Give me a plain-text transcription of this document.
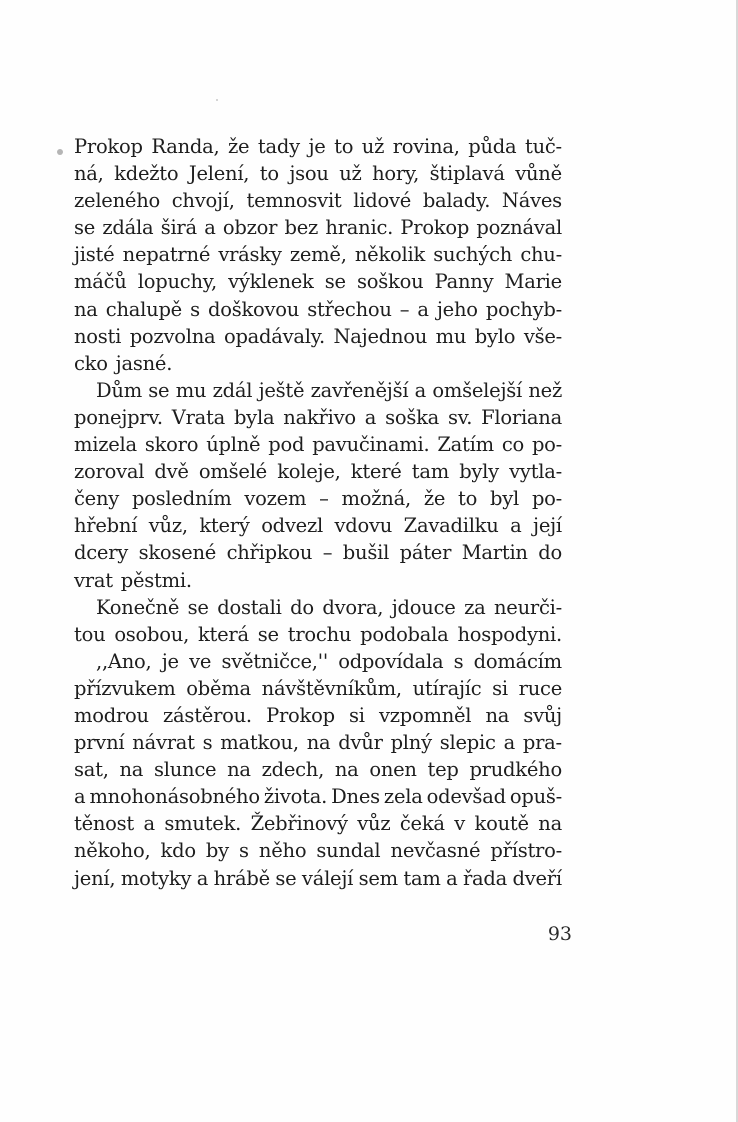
Prokop Randa, že tady je to už rovina, půda tuč-
ná, kdežto Jelení, to jsou už hory, štiplavá vůně
zeleného chvojí, temnosvit lidové balady. Náves
se zdála širá a obzor bez hranic. Prokop poznával
jisté nepatrné vrásky země, několik suchých chu-
máčů lopuchy, výklenek se soškou Panny Marie
na chalupě s doškovou střechou – a jeho pochyb-
nosti pozvolna opadávaly. Najednou mu bylo vše-
cko jasné.
Dům se mu zdál ještě zavřenější a omšelejší než
ponejprv. Vrata byla nakřivo a soška sv. Floriana
mizela skoro úplně pod pavučinami. Zatím co po-
zoroval dvě omšelé koleje, které tam byly vytla-
čeny posledním vozem – možná, že to byl po-
hřební vůz, který odvezl vdovu Zavadilku a její
dcery skosené chřipkou – bušil páter Martin do
vrat pěstmi.
Konečně se dostali do dvora, jdouce za neurči-
tou osobou, která se trochu podobala hospodyni.
,,Ano, je ve světničce,'' odpovídala s domácím
přízvukem oběma návštěvníkům, utírajíc si ruce
modrou zástěrou. Prokop si vzpomněl na svůj
první návrat s matkou, na dvůr plný slepic a pra-
sat, na slunce na zdech, na onen tep prudkého
a mnohonásobného života. Dnes zela odevšad opuš-
těnost a smutek. Žebřinový vůz čeká v koutě na
někoho, kdo by s něho sundal nevčasné přístro-
jení, motyky a hrábě se válejí sem tam a řada dveří
93
